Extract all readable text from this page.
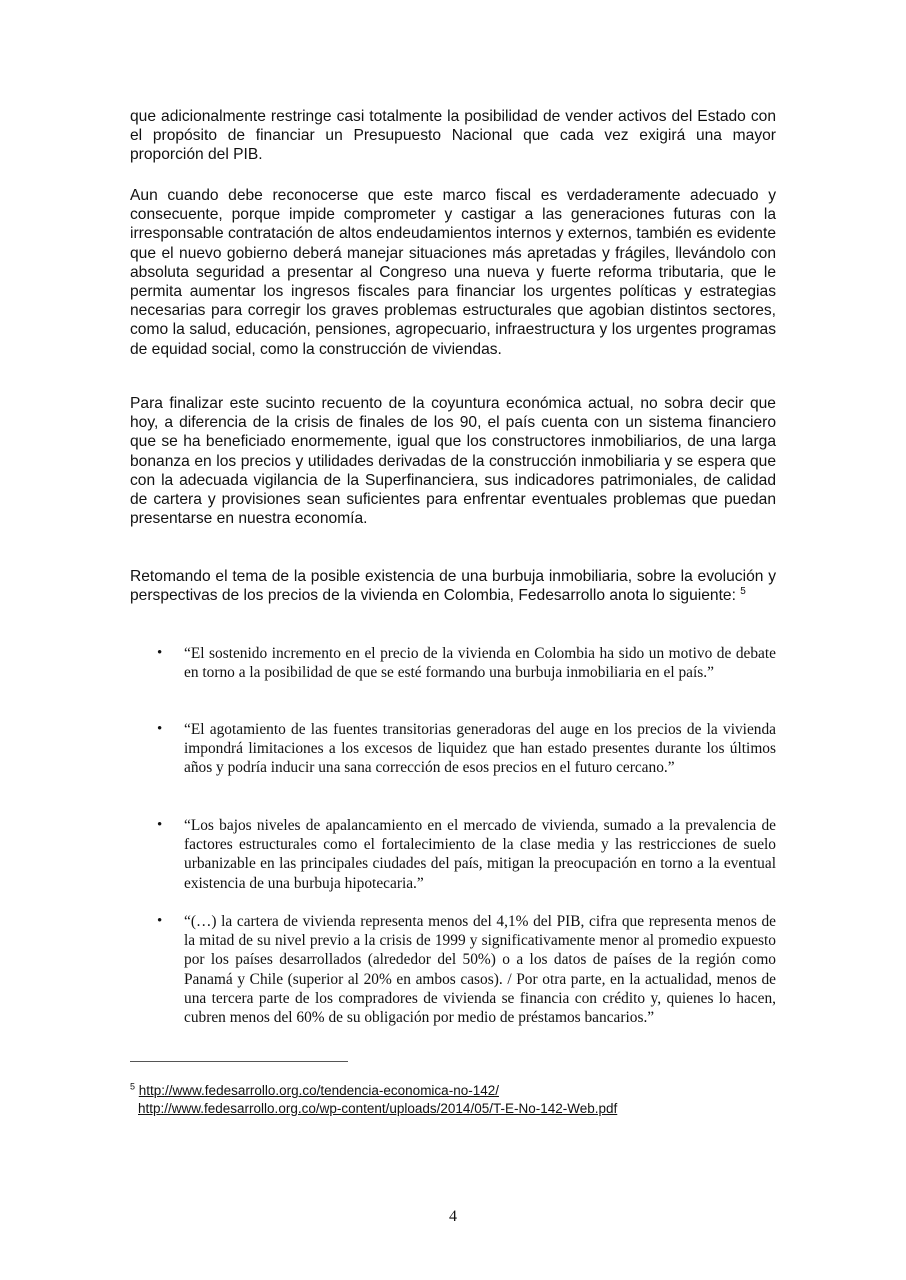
que adicionalmente restringe casi totalmente la posibilidad de vender activos del Estado con el propósito de financiar un Presupuesto Nacional que cada vez exigirá una mayor proporción del PIB.

Aun cuando debe reconocerse que este marco fiscal es verdaderamente adecuado y consecuente, porque impide comprometer y castigar a las generaciones futuras con la irresponsable contratación de altos endeudamientos internos y externos, también es evidente que el nuevo gobierno deberá manejar situaciones más apretadas y frágiles, llevándolo con absoluta seguridad a presentar al Congreso una nueva y fuerte reforma tributaria, que le permita aumentar los ingresos fiscales para financiar los urgentes políticas y estrategias necesarias para corregir los graves problemas estructurales que agobian distintos sectores, como la salud, educación, pensiones, agropecuario, infraestructura y los urgentes programas de equidad social, como la construcción de viviendas.

Para finalizar este sucinto recuento de la coyuntura económica actual, no sobra decir que hoy, a diferencia de la crisis de finales de los 90, el país cuenta con un sistema financiero que se ha beneficiado enormemente, igual que los constructores inmobiliarios, de una larga bonanza en los precios y utilidades derivadas de la construcción inmobiliaria y se espera que con la adecuada vigilancia de la Superfinanciera, sus indicadores patrimoniales, de calidad de cartera y provisiones sean suficientes para enfrentar eventuales problemas que puedan presentarse en nuestra economía.

Retomando el tema de la posible existencia de una burbuja inmobiliaria, sobre la evolución y perspectivas de los precios de la vivienda en Colombia, Fedesarrollo anota lo siguiente: $^5$

•	“El sostenido incremento en el precio de la vivienda en Colombia ha sido un motivo de debate en torno a la posibilidad de que se esté formando una burbuja inmobiliaria en el país.”

•	“El agotamiento de las fuentes transitorias generadoras del auge en los precios de la vivienda impondrá limitaciones a los excesos de liquidez que han estado presentes durante los últimos años y podría inducir una sana corrección de esos precios en el futuro cercano.”

•	“Los bajos niveles de apalancamiento en el mercado de vivienda, sumado a la prevalencia de factores estructurales como el fortalecimiento de la clase media y las restricciones de suelo urbanizable en las principales ciudades del país, mitigan la preocupación en torno a la eventual existencia de una burbuja hipotecaria.”

•	“(…) la cartera de vivienda representa menos del 4,1% del PIB, cifra que representa menos de la mitad de su nivel previo a la crisis de 1999 y significativamente menor al promedio expuesto por los países desarrollados (alrededor del 50%) o a los datos de países de la región como Panamá y Chile (superior al 20% en ambos casos). / Por otra parte, en la actualidad, menos de una tercera parte de los compradores de vivienda se financia con crédito y, quienes lo hacen, cubren menos del 60% de su obligación por medio de préstamos bancarios.”

$^5$ http://www.fedesarrollo.org.co/tendencia-economica-no-142/
http://www.fedesarrollo.org.co/wp-content/uploads/2014/05/T-E-No-142-Web.pdf
4
